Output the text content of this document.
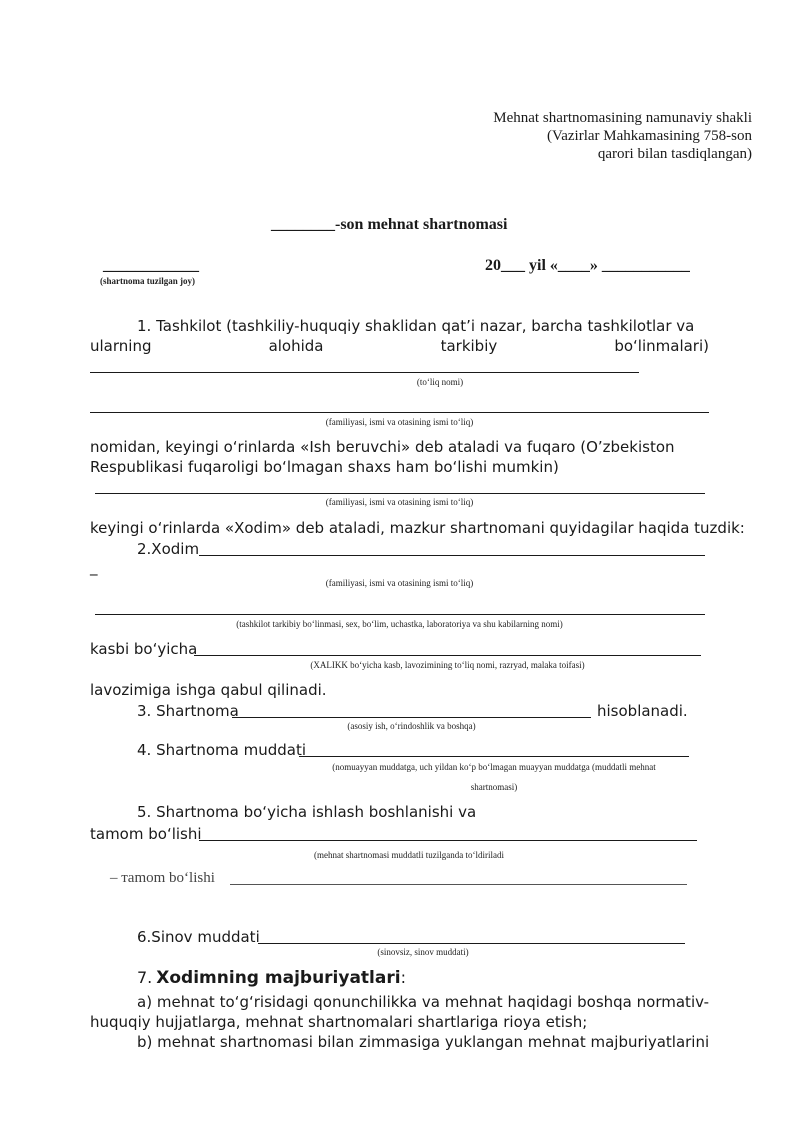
Mehnat shartnomasining namunaviy shakli
(Vazirlar Mahkamasining 758-son
qarori bilan tasdiqlangan)
________-son mehnat shartnomasi
____________
(shartnoma tuzilgan joy)
20___ yil «____» ___________
1. Tashkilot (tashkiliy-huquqiy shaklidan qat’i nazar, barcha tashkilotlar va
ularning	alohida	tarkibiy	bo‘linmalari)
(to‘liq nomi)
(familiyasi, ismi va otasining ismi to‘liq)
nomidan, keyingi o‘rinlarda «Ish beruvchi» deb ataladi va fuqaro (O’zbekiston
Respublikasi fuqaroligi bo‘lmagan shaxs ham bo‘lishi mumkin)
(familiyasi, ismi va otasining ismi to‘liq)
keyingi o‘rinlarda «Xodim» deb ataladi, mazkur shartnomani quyidagilar haqida tuzdik:
2.Xodim
_
(familiyasi, ismi va otasining ismi to‘liq)
(tashkilot tarkibiy bo‘linmasi, sex, bo‘lim, uchastka, laboratoriya va shu kabilarning nomi)
kasbi bo‘yicha
(XALIKK bo‘yicha kasb, lavozimining to‘liq nomi, razryad, malaka toifasi)
lavozimiga ishga qabul qilinadi.
3. Shartnoma	hisoblanadi.
(asosiy ish, o‘rindoshlik va boshqa)
4. Shartnoma muddati
(nomuayyan muddatga, uch yildan ko‘p bo‘lmagan muayyan muddatga (muddatli mehnat
shartnomasi)
5. Shartnoma bo‘yicha ishlash boshlanishi va
tamom bo‘lishi
(mehnat shartnomasi muddatli tuzilganda to‘ldiriladi
– тamom bo‘lishi
6.Sinov muddati
(sinovsiz, sinov muddati)
7. Xodimning majburiyatlari:
a) mehnat to‘g‘risidagi qonunchilikka va mehnat haqidagi boshqa normativ-
huquqiy hujjatlarga, mehnat shartnomalari shartlariga rioya etish;
b) mehnat shartnomasi bilan zimmasiga yuklangan mehnat majburiyatlarini
